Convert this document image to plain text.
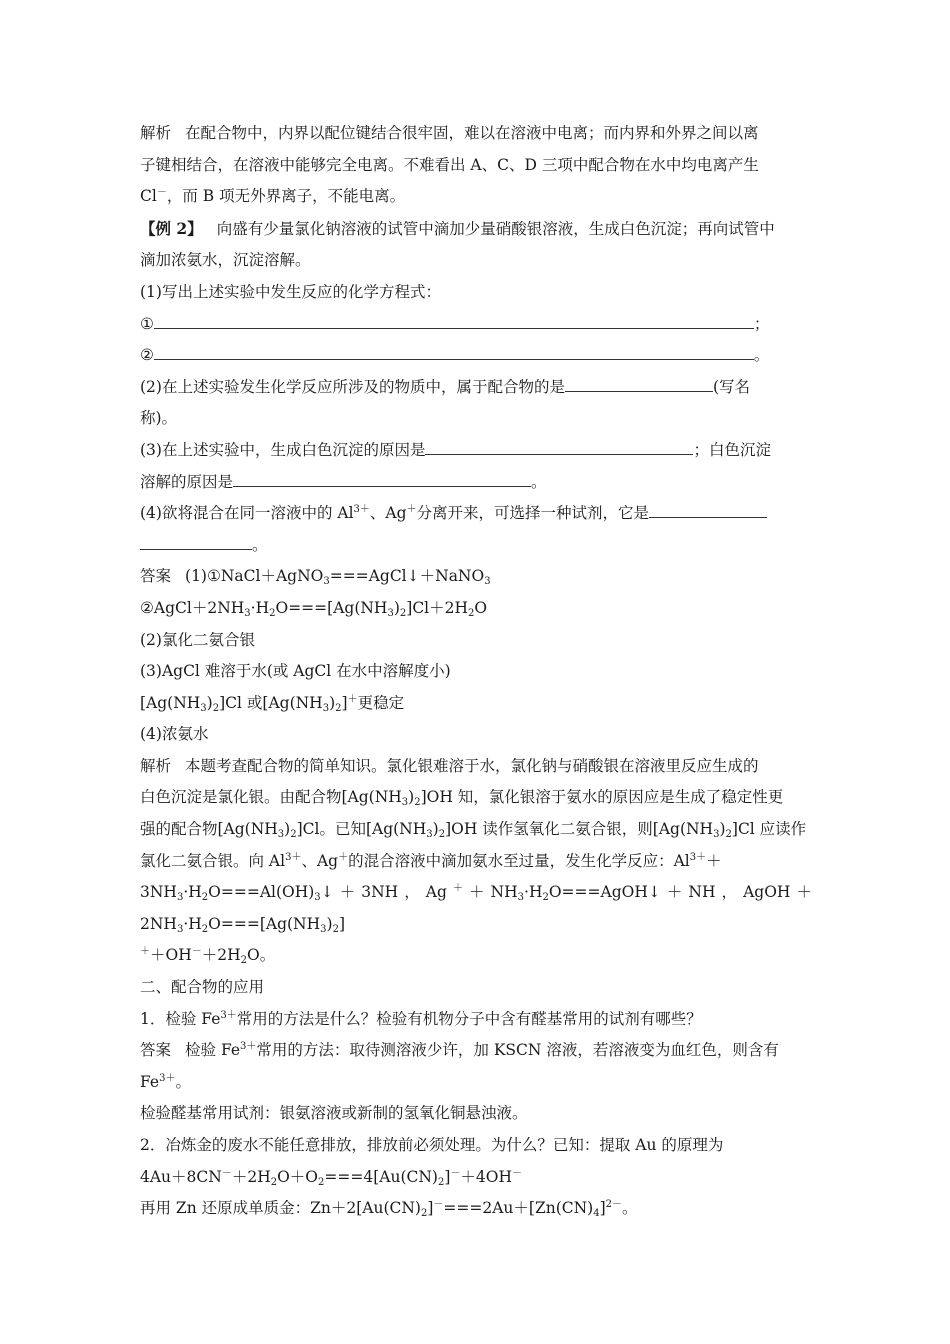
解析 在配合物中，内界以配位键结合很牢固，难以在溶液中电离；而内界和外界之间以离

子键相结合，在溶液中能够完全电离。不难看出 A、C、D 三项中配合物在水中均电离产生

Cl－，而 B 项无外界离子，不能电离。

【例 2】 向盛有少量氯化钠溶液的试管中滴加少量硝酸银溶液，生成白色沉淀；再向试管中

滴加浓氨水，沉淀溶解。

(1)写出上述实验中发生反应的化学方程式：

①	；

②	。

(2)在上述实验发生化学反应所涉及的物质中，属于配合物的是	(写名

称)。

(3)在上述实验中，生成白色沉淀的原因是	；白色沉淀

溶解的原因是	。

(4)欲将混合在同一溶液中的 $Al^{3+}$、Ag＋分离开来，可选择一种试剂，它是

。

答案 (1)①NaCl＋AgNO$_3$===AgCl↓＋NaNO$_3$

$②AgCl+2NH_3\cdot H_2O===[Ag(NH_3)_2]Cl+2H_2O$

(2)氯化二氨合银

(3)AgCl 难溶于水(或 AgCl 在水中溶解度小)

$[Ag(NH_3)_2]Cl$ 或$[Ag(NH_3)_2]^+$更稳定

(4)浓氨水

解析 本题考查配合物的简单知识。氯化银难溶于水，氯化钠与硝酸银在溶液里反应生成的

白色沉淀是氯化银。由配合物$[Ag(NH_3)_2]OH$ 知，氯化银溶于氨水的原因应是生成了稳定性更

强的配合物$[Ag(NH_3)_2]Cl$。已知$[Ag(NH_3)_2]OH$ 读作氢氧化二氨合银，则$[Ag(NH_3)_2]Cl$ 应读作

氯化二氨合银。向 $Al^{3+}$、Ag＋的混合溶液中滴加氨水至过量，发生化学反应：$Al^{3+}+$

$3NH_3\cdot H_2O===Al(OH)_3↓+3NH$，$Ag^++NH_3\cdot H_2O===AgOH↓+NH$，$AgOH+2NH_3\cdot H_2O===[Ag(NH_3)_2]$

$^++OH^-+2H_2O$。

二、配合物的应用

1．检验 $Fe^{3+}$常用的方法是什么？检验有机物分子中含有醛基常用的试剂有哪些？

答案 检验 $Fe^{3+}$常用的方法：取待测溶液少许，加 KSCN 溶液，若溶液变为血红色，则含有

$Fe^{3+}$。

检验醛基常用试剂：银氨溶液或新制的氢氧化铜悬浊液。

2．冶炼金的废水不能任意排放，排放前必须处理。为什么？已知：提取 Au 的原理为

$4Au+8CN^-+2H_2O+O_2===4[Au(CN)_2]^-+4OH^-$

再用 Zn 还原成单质金：$Zn+2[Au(CN)_2]^-===2Au+[Zn(CN)_4]^{2-}$。
